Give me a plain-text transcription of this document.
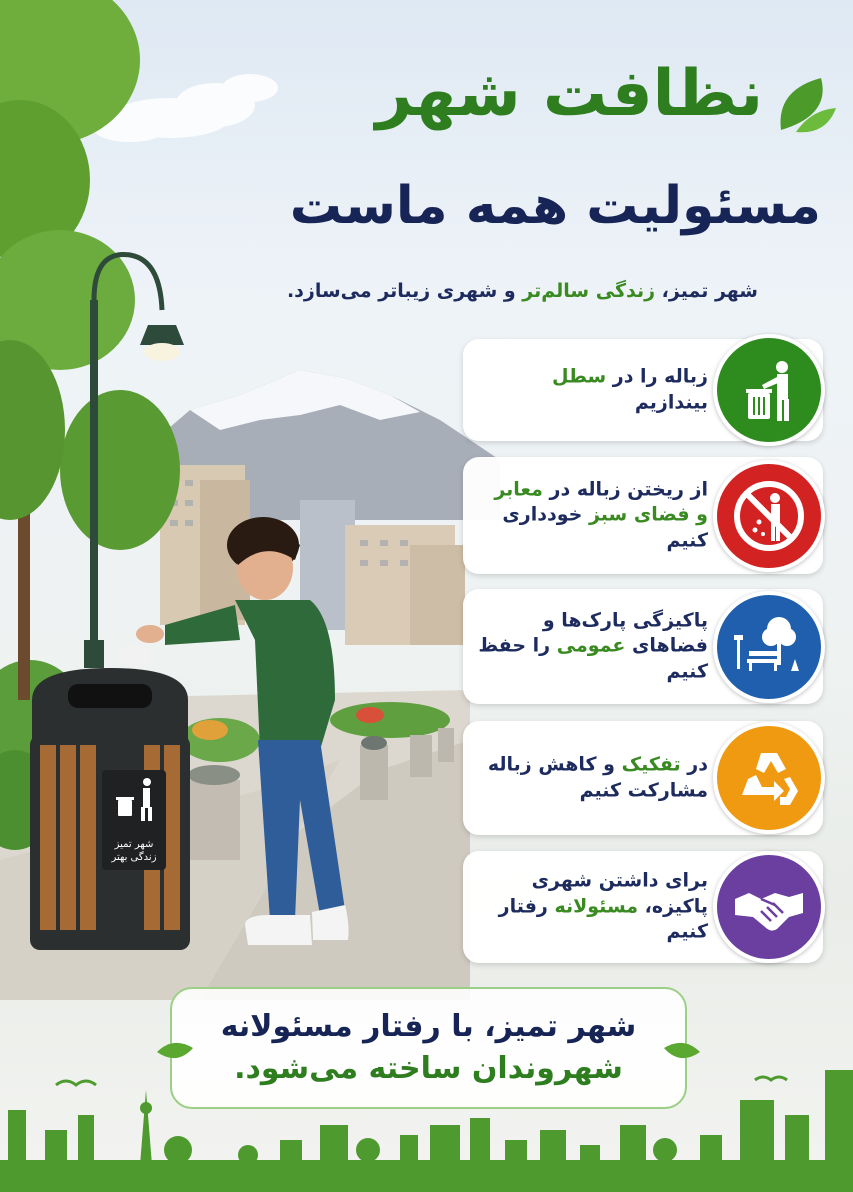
نظافت شهر
مسئولیت همه ماست
شهر تمیز، زندگی سالم‌تر و شهری زیباتر می‌سازد.
زباله را در سطل بیندازیم
از ریختن زباله در معابر و فضای سبز خودداری کنیم
پاکیزگی پارک‌ها و فضاهای عمومی را حفظ کنیم
در تفکیک و کاهش زباله مشارکت کنیم
برای داشتن شهری پاکیزه، مسئولانه رفتار کنیم
شهر تمیز
زندگی بهتر
شهر تمیز، با رفتار مسئولانه
شهروندان ساخته می‌شود.
